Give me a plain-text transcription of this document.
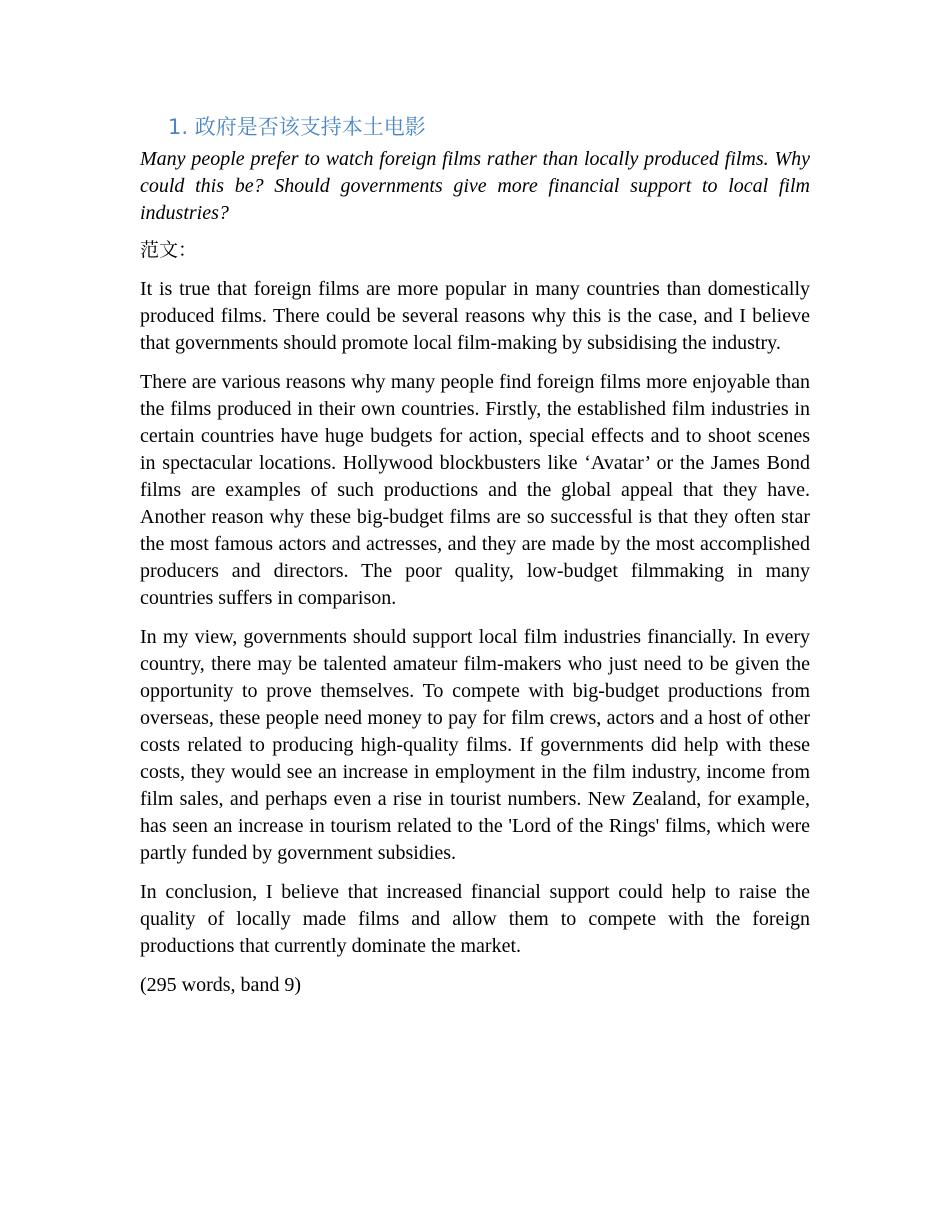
1. 政府是否该支持本土电影

Many people prefer to watch foreign films rather than locally produced films. Why could this be? Should governments give more financial support to local film industries?

范文：

It is true that foreign films are more popular in many countries than domestically produced films. There could be several reasons why this is the case, and I believe that governments should promote local film-making by subsidising the industry.

There are various reasons why many people find foreign films more enjoyable than the films produced in their own countries. Firstly, the established film industries in certain countries have huge budgets for action, special effects and to shoot scenes in spectacular locations. Hollywood blockbusters like ‘Avatar’ or the James Bond films are examples of such productions and the global appeal that they have. Another reason why these big-budget films are so successful is that they often star the most famous actors and actresses, and they are made by the most accomplished producers and directors. The poor quality, low-budget filmmaking in many countries suffers in comparison.

In my view, governments should support local film industries financially. In every country, there may be talented amateur film-makers who just need to be given the opportunity to prove themselves. To compete with big-budget productions from overseas, these people need money to pay for film crews, actors and a host of other costs related to producing high-quality films. If governments did help with these costs, they would see an increase in employment in the film industry, income from film sales, and perhaps even a rise in tourist numbers. New Zealand, for example, has seen an increase in tourism related to the 'Lord of the Rings' films, which were partly funded by government subsidies.

In conclusion, I believe that increased financial support could help to raise the quality of locally made films and allow them to compete with the foreign productions that currently dominate the market.

(295 words, band 9)
